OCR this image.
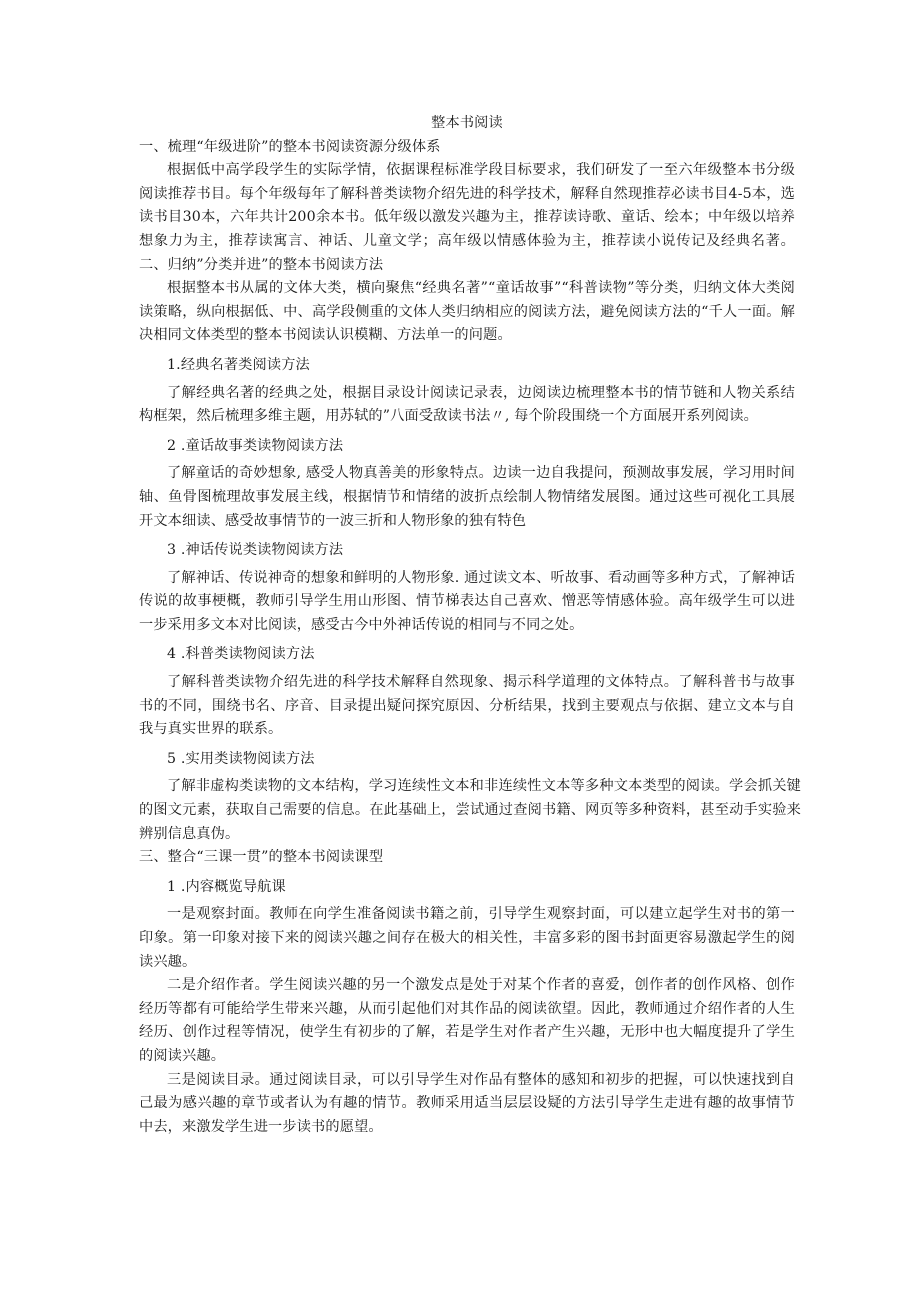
整本书阅读
一、梳理“年级进阶”的整本书阅读资源分级体系

根据低中高学段学生的实际学情，依据课程标准学段目标要求，我们研发了一至六年级整本书分级阅读推荐书目。每个年级每年了解科普类读物介绍先进的科学技术，解释自然现推荐必读书目4-5本，选读书目30本，六年共计200余本书。低年级以激发兴趣为主，推荐读诗歌、童话、绘本；中年级以培养想象力为主，推荐读寓言、神话、儿童文学；高年级以情感体验为主，推荐读小说传记及经典名著。二、归纳”分类并进”的整本书阅读方法

根据整本书从属的文体大类，横向聚焦“经典名著”“童话故事”“科普读物”等分类，归纳文体大类阅读策略，纵向根据低、中、高学段侧重的文体人类归纳相应的阅读方法，避免阅读方法的“千人一面。解决相同文体类型的整本书阅读认识模糊、方法单一的问题。

1.经典名著类阅读方法

了解经典名著的经典之处，根据目录设计阅读记录表，边阅读边梳理整本书的情节链和人物关系结构框架，然后梳理多维主题，用苏轼的”八面受敌读书法〃, 每个阶段围绕一个方面展开系列阅读。

2 .童话故事类读物阅读方法

了解童话的奇妙想象, 感受人物真善美的形象特点。边读一边自我提问，预测故事发展，学习用时间轴、鱼骨图梳理故事发展主线，根据情节和情绪的波折点绘制人物情绪发展图。通过这些可视化工具展开文本细读、感受故事情节的一波三折和人物形象的独有特色

3 .神话传说类读物阅读方法

了解神话、传说神奇的想象和鲜明的人物形象. 通过读文本、听故事、看动画等多种方式，了解神话传说的故事梗概，教师引导学生用山形图、情节梯表达自己喜欢、憎恶等情感体验。高年级学生可以进一步采用多文本对比阅读，感受古今中外神话传说的相同与不同之处。

4 .科普类读物阅读方法

了解科普类读物介绍先进的科学技术解释自然现象、揭示科学道理的文体特点。了解科普书与故事书的不同，围绕书名、序音、目录提出疑问探究原因、分析结果，找到主要观点与依据、建立文本与自我与真实世界的联系。

5 .实用类读物阅读方法

了解非虚构类读物的文本结构，学习连续性文本和非连续性文本等多种文本类型的阅读。学会抓关键的图文元素，获取自己需要的信息。在此基础上，尝试通过查阅书籍、网页等多种资料，甚至动手实验来辨别信息真伪。

三、整合“三课一贯”的整本书阅读课型

1 .内容概览导航课

一是观察封面。教师在向学生准备阅读书籍之前，引导学生观察封面，可以建立起学生对书的第一印象。第一印象对接下来的阅读兴趣之间存在极大的相关性，丰富多彩的图书封面更容易激起学生的阅读兴趣。

二是介绍作者。学生阅读兴趣的另一个激发点是处于对某个作者的喜爱，创作者的创作风格、创作经历等都有可能给学生带来兴趣，从而引起他们对其作品的阅读欲望。因此，教师通过介绍作者的人生经历、创作过程等情况，使学生有初步的了解，若是学生对作者产生兴趣，无形中也大幅度提升了学生的阅读兴趣。

三是阅读目录。通过阅读目录，可以引导学生对作品有整体的感知和初步的把握，可以快速找到自己最为感兴趣的章节或者认为有趣的情节。教师采用适当层层设疑的方法引导学生走进有趣的故事情节中去，来激发学生进一步读书的愿望。
